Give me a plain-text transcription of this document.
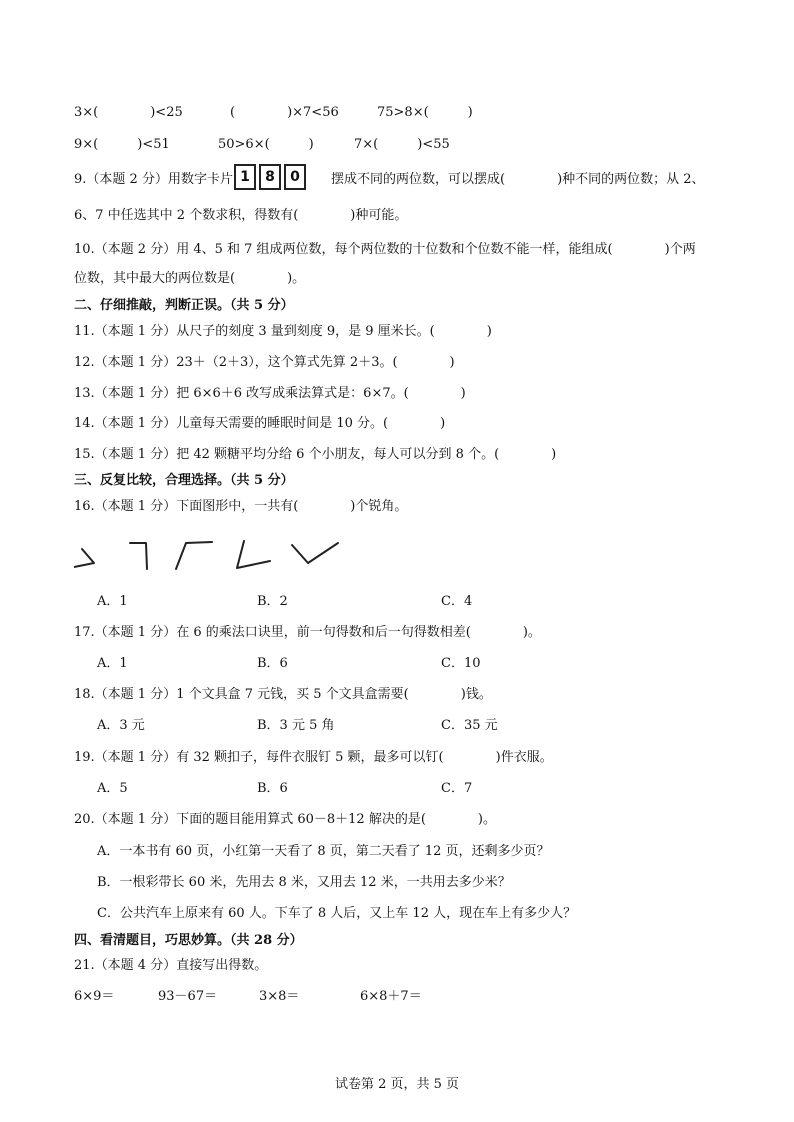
3×(　　　　)<25	(　　　　)×7<56	75>8×(　　　)
9×(　　　)<51	50>6×(　　　)	7×(　　　)<55
9.（本题 2 分）用数字卡片 1 8 0	摆成不同的两位数，可以摆成(　　　　)种不同的两位数；从 2、
6、7 中任选其中 2 个数求积，得数有(　　　　)种可能。
10.（本题 2 分）用 4、5 和 7 组成两位数，每个两位数的十位数和个位数不能一样，能组成(　　　　)个两
位数，其中最大的两位数是(　　　　)。
二、仔细推敲，判断正误。（共 5 分）
11.（本题 1 分）从尺子的刻度 3 量到刻度 9，是 9 厘米长。(　　　　)
12.（本题 1 分）23＋（2＋3），这个算式先算 2＋3。(　　　　)
13.（本题 1 分）把 6×6＋6 改写成乘法算式是：6×7。(　　　　)
14.（本题 1 分）儿童每天需要的睡眠时间是 10 分。(　　　　)
15.（本题 1 分）把 42 颗糖平均分给 6 个小朋友，每人可以分到 8 个。(　　　　)
三、反复比较，合理选择。（共 5 分）
16.（本题 1 分）下面图形中，一共有(　　　　)个锐角。
A．1	B．2	C．4
17.（本题 1 分）在 6 的乘法口诀里，前一句得数和后一句得数相差(　　　　)。
A．1	B．6	C．10
18.（本题 1 分）1 个文具盒 7 元钱，买 5 个文具盒需要(　　　　)钱。
A．3 元	B．3 元 5 角	C．35 元
19.（本题 1 分）有 32 颗扣子，每件衣服钉 5 颗，最多可以钉(　　　　)件衣服。
A．5	B．6	C．7
20.（本题 1 分）下面的题目能用算式 60－8＋12 解决的是(　　　　)。
A．一本书有 60 页，小红第一天看了 8 页，第二天看了 12 页，还剩多少页？
B．一根彩带长 60 米，先用去 8 米，又用去 12 米，一共用去多少米？
C．公共汽车上原来有 60 人。下车了 8 人后，又上车 12 人，现在车上有多少人？
四、看清题目，巧思妙算。（共 28 分）
21.（本题 4 分）直接写出得数。
6×9＝	93－67＝	3×8＝	6×8＋7＝
试卷第 2 页，共 5 页
